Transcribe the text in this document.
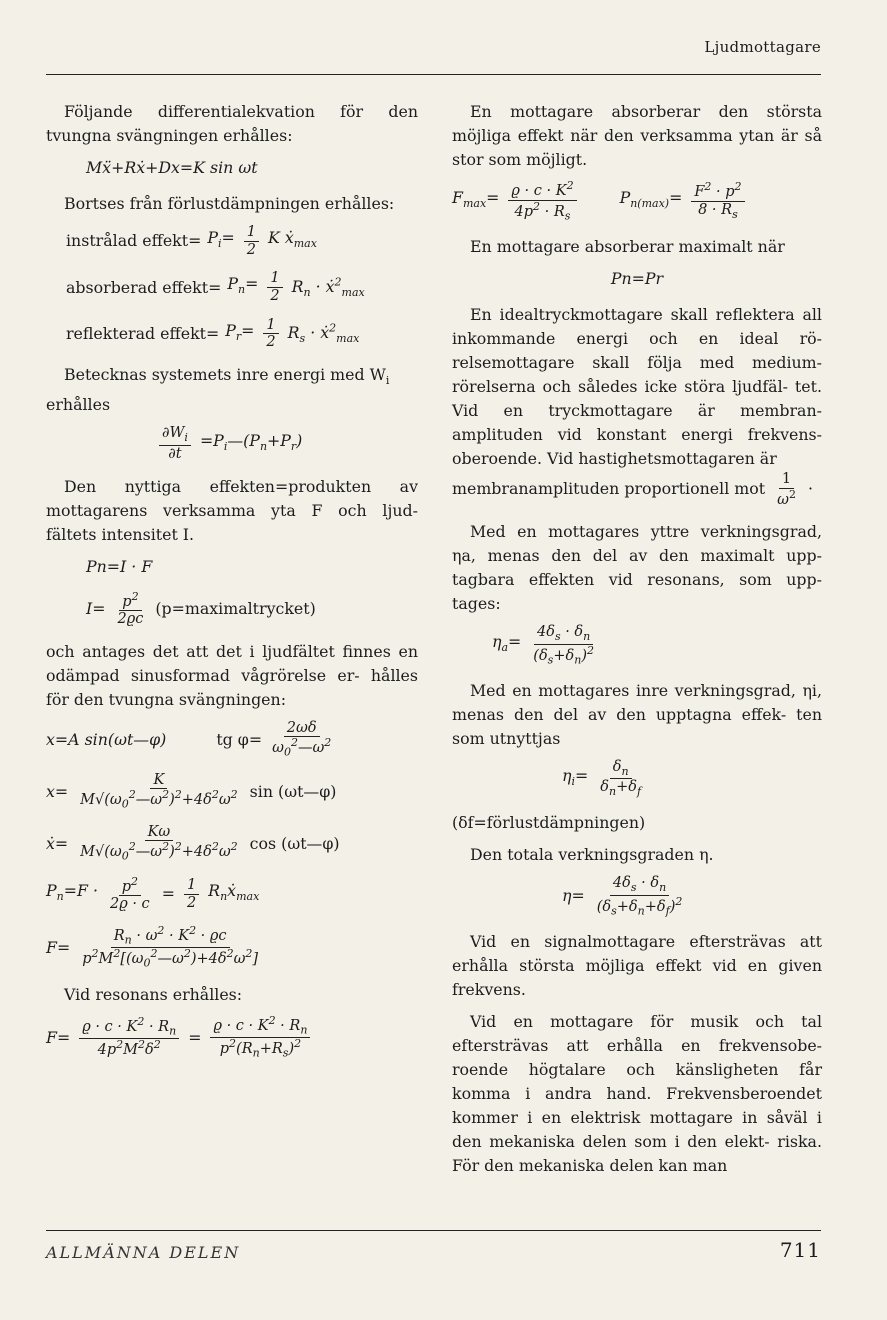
Ljudmottagare

Följande differentialekvation för den tvungna svängningen erhålles:

Mẍ+Rẋ+Dx=K sin ωt

Bortses från förlustdämpningen erhålles:

instrålad effekt= $P_i= \frac{1}{2}$ K ẋ$_{max}$
absorberad effekt= $P_n= \frac{1}{2} R_n$ · ẋ$^2_{max}$
reflekterad effekt= $P_r= \frac{1}{2} R_s$ · ẋ$^2_{max}$

Betecknas systemets inre energi med $W_i$

erhålles

$\frac{\partial W_i}{\partial t}$ $=P_i—(P_n+P_r)$

Den nyttiga effekten=produkten av mottagarens verksamma yta F och ljud- fältets intensitet I.

Pn=I · F
$I= \frac{p^2}{2ϱc}$ (p=maximaltrycket)

och antages det att det i ljudfältet finnes en odämpad sinusformad vågrörelse er- hålles för den tvungna svängningen:

x=A sin(ωt—φ)	tg $\varphi= \frac{2\omega\delta}{\omega_0^2—\omega^2}$
$x= \frac{K}{M√(\omega_0^2—\omega^2)^2+4\delta^2\omega^2}$ sin (ωt—φ)
ẋ= $\frac{K\omega}{M√(\omega_0^2—\omega^2)^2+4\delta^2\omega^2}$ cos (ωt—φ)
$P_n=F \cdot \frac{p^2}{2ϱ \cdot c} = \frac{1}{2}$ $R_nẋ_{max}$
$F= \frac{R_n \cdot \omega^2 \cdot K^2 \cdot ϱc}{p^2M^2[(\omega_0^2—\omega^2)+4\delta^2\omega^2]}$

Vid resonans erhålles:

$F= \frac{ϱ \cdot c \cdot K^2 \cdot R_n}{4p^2M^2\delta^2} = \frac{ϱ \cdot c \cdot K^2 \cdot R_n}{p^2(R_n+R_s)^2}$

En mottagare absorberar den största möjliga effekt när den verksamma ytan är så stor som möjligt.

$F_{max}= \frac{ϱ \cdot c \cdot K^2}{4p^2 \cdot R_s}$	$P_{n(max)}= \frac{F^2 \cdot p^2}{8 \cdot R_s}$

En mottagare absorberar maximalt när

Pn=Pr

En idealtryckmottagare skall reflektera all inkommande energi och en ideal rö- relsemottagare skall följa med medium- rörelserna och således icke störa ljudfäl- tet. Vid en tryckmottagare är membran- amplituden vid konstant energi frekvens- oberoende. Vid hastighetsmottagaren är

membranamplituden proportionell mot $\frac{1}{\omega^2}$ ·

Med en mottagares yttre verkningsgrad, ηa, menas den del av den maximalt upp- tagbara effekten vid resonans, som upp- tages:

$\eta_a= \frac{4\delta_s \cdot \delta_n}{(\delta_s+\delta_n)^2}$

Med en mottagares inre verkningsgrad, ηi, menas den del av den upptagna effek- ten som utnyttjas

$\eta_i= \frac{\delta_n}{\delta_n+\delta_f}$

(δf=förlustdämpningen)

Den totala verkningsgraden η.

$\eta= \frac{4\delta_s \cdot \delta_n}{(\delta_s+\delta_n+\delta_f)^2}$

Vid en signalmottagare eftersträvas att erhålla största möjliga effekt vid en given frekvens.

Vid en mottagare för musik och tal eftersträvas att erhålla en frekvensobe- roende högtalare och känsligheten får komma i andra hand. Frekvensberoendet kommer i en elektrisk mottagare in såväl i den mekaniska delen som i den elekt- riska. För den mekaniska delen kan man

ALLMÄNNA DELEN	711
